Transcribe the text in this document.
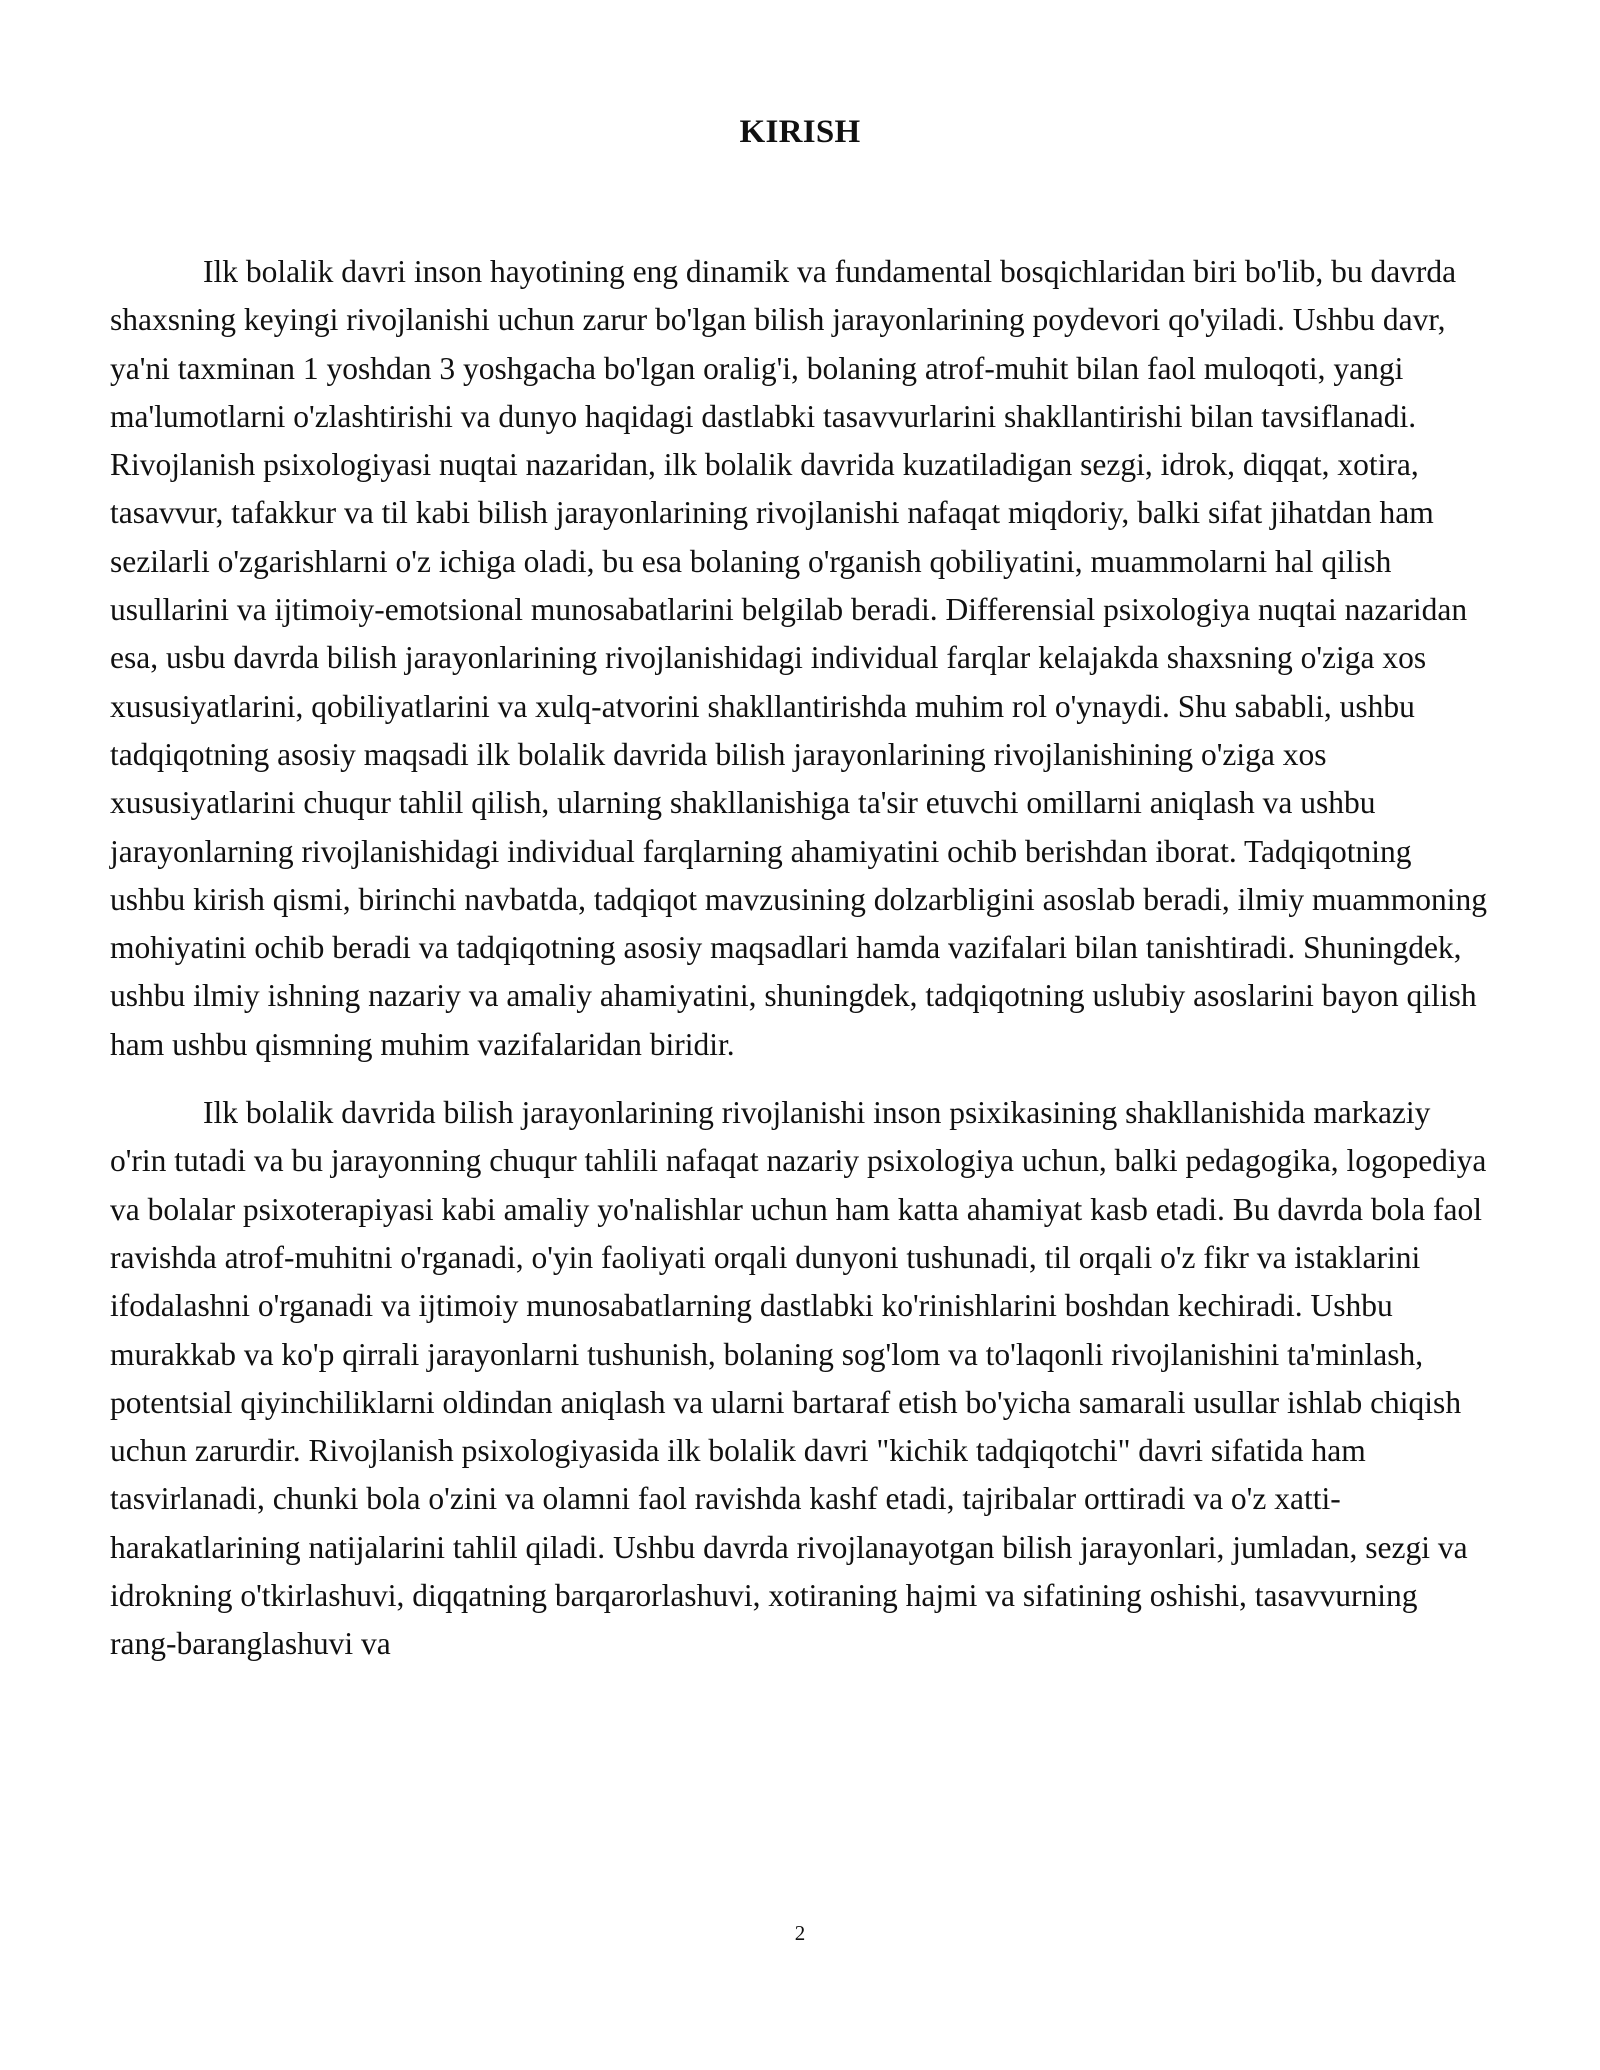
KIRISH

Ilk bolalik davri inson hayotining eng dinamik va fundamental bosqichlaridan biri bo'lib, bu davrda shaxsning keyingi rivojlanishi uchun zarur bo'lgan bilish jarayonlarining poydevori qo'yiladi. Ushbu davr, ya'ni taxminan 1 yoshdan 3 yoshgacha bo'lgan oralig'i, bolaning atrof-muhit bilan faol muloqoti, yangi ma'lumotlarni o'zlashtirishi va dunyo haqidagi dastlabki tasavvurlarini shakllantirishi bilan tavsiflanadi. Rivojlanish psixologiyasi nuqtai nazaridan, ilk bolalik davrida kuzatiladigan sezgi, idrok, diqqat, xotira, tasavvur, tafakkur va til kabi bilish jarayonlarining rivojlanishi nafaqat miqdoriy, balki sifat jihatdan ham sezilarli o'zgarishlarni o'z ichiga oladi, bu esa bolaning o'rganish qobiliyatini, muammolarni hal qilish usullarini va ijtimoiy-emotsional munosabatlarini belgilab beradi. Differensial psixologiya nuqtai nazaridan esa, usbu davrda bilish jarayonlarining rivojlanishidagi individual farqlar kelajakda shaxsning o'ziga xos xususiyatlarini, qobiliyatlarini va xulq-atvorini shakllantirishda muhim rol o'ynaydi. Shu sababli, ushbu tadqiqotning asosiy maqsadi ilk bolalik davrida bilish jarayonlarining rivojlanishining o'ziga xos xususiyatlarini chuqur tahlil qilish, ularning shakllanishiga ta'sir etuvchi omillarni aniqlash va ushbu jarayonlarning rivojlanishidagi individual farqlarning ahamiyatini ochib berishdan iborat. Tadqiqotning ushbu kirish qismi, birinchi navbatda, tadqiqot mavzusining dolzarbligini asoslab beradi, ilmiy muammoning mohiyatini ochib beradi va tadqiqotning asosiy maqsadlari hamda vazifalari bilan tanishtiradi. Shuningdek, ushbu ilmiy ishning nazariy va amaliy ahamiyatini, shuningdek, tadqiqotning uslubiy asoslarini bayon qilish ham ushbu qismning muhim vazifalaridan biridir.

Ilk bolalik davrida bilish jarayonlarining rivojlanishi inson psixikasining shakllanishida markaziy o'rin tutadi va bu jarayonning chuqur tahlili nafaqat nazariy psixologiya uchun, balki pedagogika, logopediya va bolalar psixoterapiyasi kabi amaliy yo'nalishlar uchun ham katta ahamiyat kasb etadi. Bu davrda bola faol ravishda atrof-muhitni o'rganadi, o'yin faoliyati orqali dunyoni tushunadi, til orqali o'z fikr va istaklarini ifodalashni o'rganadi va ijtimoiy munosabatlarning dastlabki ko'rinishlarini boshdan kechiradi. Ushbu murakkab va ko'p qirrali jarayonlarni tushunish, bolaning sog'lom va to'laqonli rivojlanishini ta'minlash, potentsial qiyinchiliklarni oldindan aniqlash va ularni bartaraf etish bo'yicha samarali usullar ishlab chiqish uchun zarurdir. Rivojlanish psixologiyasida ilk bolalik davri "kichik tadqiqotchi" davri sifatida ham tasvirlanadi, chunki bola o'zini va olamni faol ravishda kashf etadi, tajribalar orttiradi va o'z xatti-harakatlarining natijalarini tahlil qiladi. Ushbu davrda rivojlanayotgan bilish jarayonlari, jumladan, sezgi va idrokning o'tkirlashuvi, diqqatning barqarorlashuvi, xotiraning hajmi va sifatining oshishi, tasavvurning rang-baranglashuvi va

2
